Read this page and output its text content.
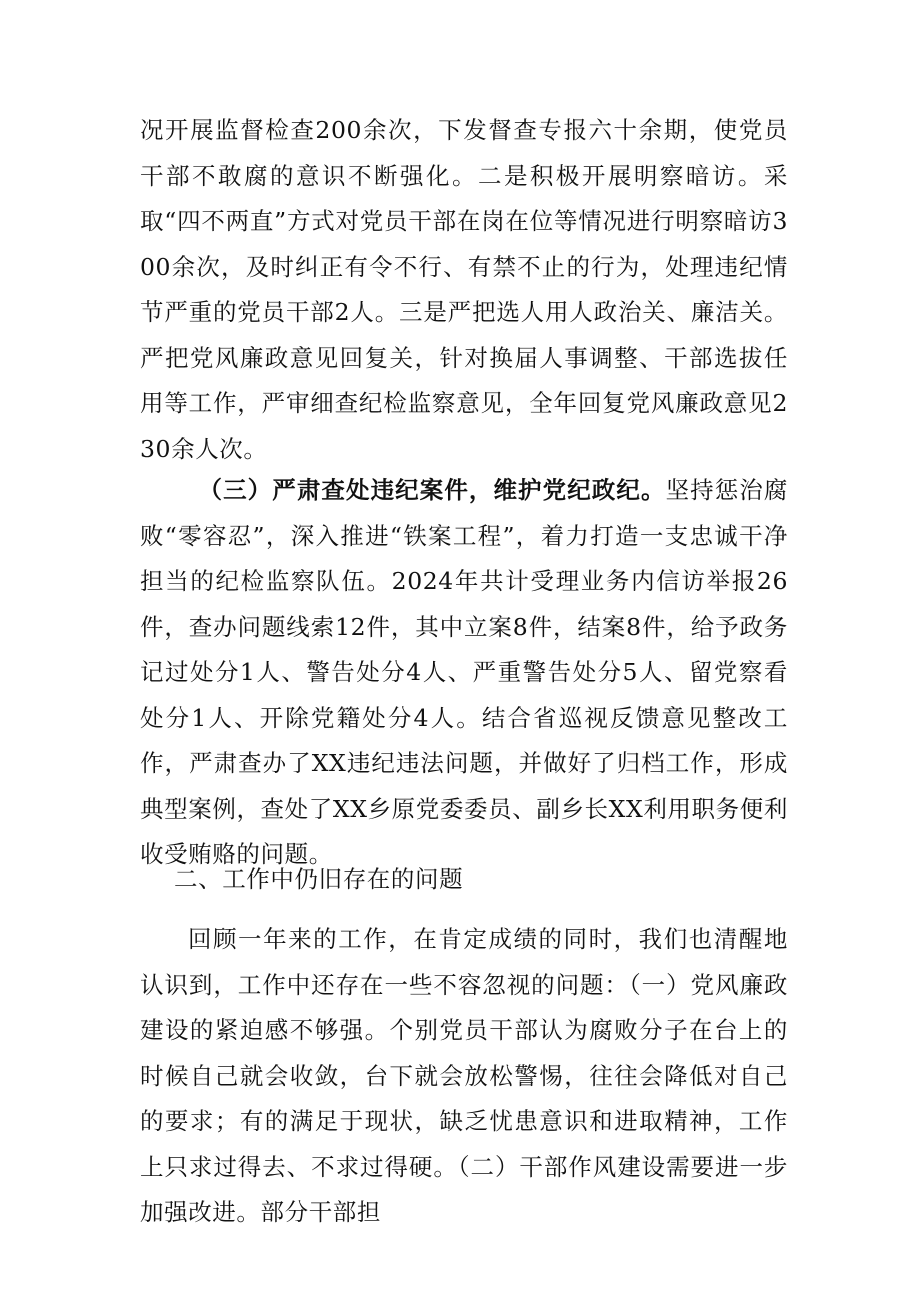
况开展监督检查200余次，下发督查专报六十余期，使党员干部不敢腐的意识不断强化。二是积极开展明察暗访。采取“四不两直”方式对党员干部在岗在位等情况进行明察暗访300余次，及时纠正有令不行、有禁不止的行为，处理违纪情节严重的党员干部2人。三是严把选人用人政治关、廉洁关。严把党风廉政意见回复关，针对换届人事调整、干部选拔任用等工作，严审细查纪检监察意见，全年回复党风廉政意见230余人次。

（三）严肃查处违纪案件，维护党纪政纪。坚持惩治腐败“零容忍”，深入推进“铁案工程”，着力打造一支忠诚干净担当的纪检监察队伍。2024年共计受理业务内信访举报26件，查办问题线索12件，其中立案8件，结案8件，给予政务记过处分1人、警告处分4人、严重警告处分5人、留党察看处分1人、开除党籍处分4人。结合省巡视反馈意见整改工作，严肃查办了XX违纪违法问题，并做好了归档工作，形成典型案例，查处了XX乡原党委委员、副乡长XX利用职务便利收受贿赂的问题。

二、工作中仍旧存在的问题

回顾一年来的工作，在肯定成绩的同时，我们也清醒地认识到，工作中还存在一些不容忽视的问题：（一）党风廉政建设的紧迫感不够强。个别党员干部认为腐败分子在台上的时候自己就会收敛，台下就会放松警惕，往往会降低对自己的要求；有的满足于现状，缺乏忧患意识和进取精神，工作上只求过得去、不求过得硬。（二）干部作风建设需要进一步加强改进。部分干部担
